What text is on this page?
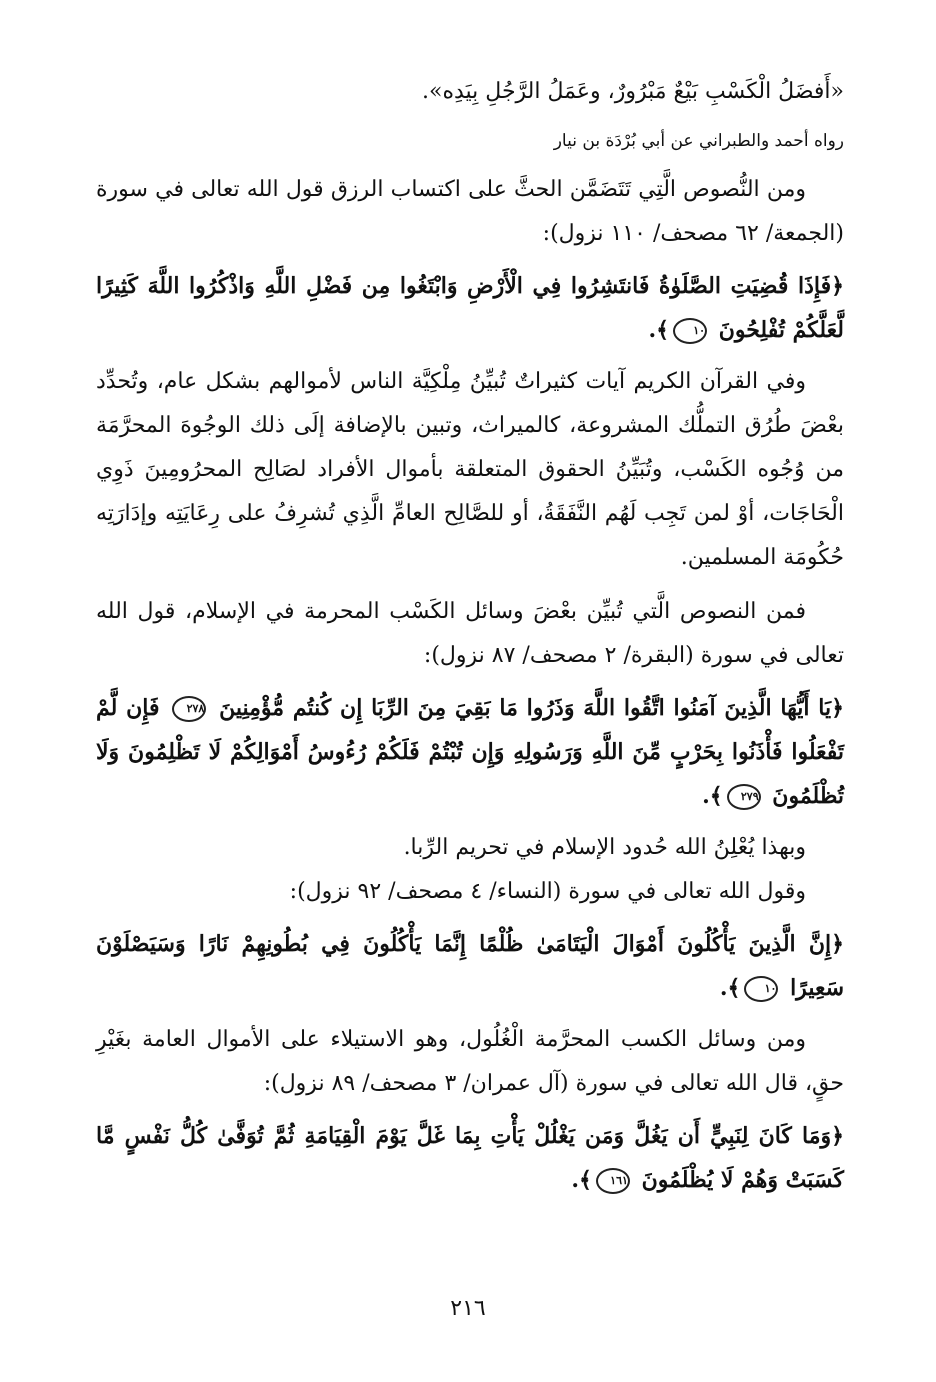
«أَفضَلُ الْكَسْبِ بَيْعٌ مَبْرُورٌ، وعَمَلُ الرَّجُلِ بِيَدِه».

رواه أحمد والطبراني عن أبي بُرْدَة بن نيار

ومن النُّصوص الَّتِي تَتَضَمَّن الحثَّ على اكتساب الرزق قول الله تعالى في سورة (الجمعة/ ٦٢ مصحف/ ١١٠ نزول):

﴿فَإِذَا قُضِيَتِ الصَّلَوٰةُ فَانتَشِرُوا فِي الْأَرْضِ وَابْتَغُوا مِن فَضْلِ اللَّهِ وَاذْكُرُوا اللَّهَ كَثِيرًا لَّعَلَّكُمْ تُفْلِحُونَ ١٠﴾.

وفي القرآن الكريم آيات كثيراتٌ تُبيِّنُ مِلْكِيَّة الناس لأموالهم بشكل عام، وتُحدِّد بعْضَ طُرُق التملُّك المشروعة، كالميراث، وتبين بالإضافة إلَى ذلك الوجُوهَ المحرَّمَة من وُجُوه الكَسْب، وتُبَيِّنُ الحقوق المتعلقة بأموال الأفراد لصَالِح المحرُومِينَ ذَوِي الْحَاجَات، أوْ لمن تَجِب لَهُم النَّفَقَةُ، أو للصَّالِح العامِّ الَّذِي تُشرِفُ على رِعَايَتِه وإدَارَتِه حُكُومَة المسلمين.

فمن النصوص الَّتي تُبيِّن بعْضَ وسائل الكَسْب المحرمة في الإسلام، قول الله تعالى في سورة (البقرة/ ٢ مصحف/ ٨٧ نزول):

﴿يَا أَيُّهَا الَّذِينَ آمَنُوا اتَّقُوا اللَّهَ وَذَرُوا مَا بَقِيَ مِنَ الرِّبَا إِن كُنتُم مُّؤْمِنِينَ ٢٧٨ فَإِن لَّمْ تَفْعَلُوا فَأْذَنُوا بِحَرْبٍ مِّنَ اللَّهِ وَرَسُولِهِ وَإِن تُبْتُمْ فَلَكُمْ رُءُوسُ أَمْوَالِكُمْ لَا تَظْلِمُونَ وَلَا تُظْلَمُونَ ٢٧٩﴾.

وبهذا يُعْلِنُ الله حُدود الإسلام في تحريم الرِّبا.

وقول الله تعالى في سورة (النساء/ ٤ مصحف/ ٩٢ نزول):

﴿إِنَّ الَّذِينَ يَأْكُلُونَ أَمْوَالَ الْيَتَامَىٰ ظُلْمًا إِنَّمَا يَأْكُلُونَ فِي بُطُونِهِمْ نَارًا وَسَيَصْلَوْنَ سَعِيرًا ١٠﴾.

ومن وسائل الكسب المحرَّمة الْغُلُول، وهو الاستيلاء على الأموال العامة بغَيْرِ حقٍ، قال الله تعالى في سورة (آل عمران/ ٣ مصحف/ ٨٩ نزول):

﴿وَمَا كَانَ لِنَبِيٍّ أَن يَغُلَّ وَمَن يَغْلُلْ يَأْتِ بِمَا غَلَّ يَوْمَ الْقِيَامَةِ ثُمَّ تُوَفَّىٰ كُلُّ نَفْسٍ مَّا كَسَبَتْ وَهُمْ لَا يُظْلَمُونَ ١٦١﴾.

٢١٦
